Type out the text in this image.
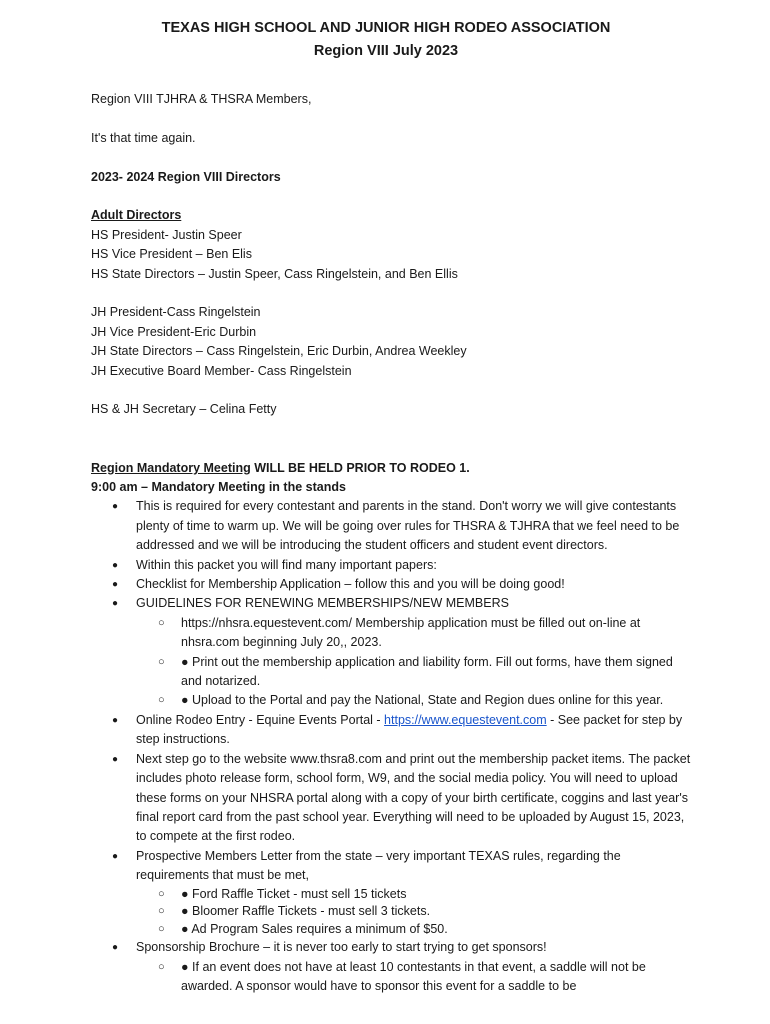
TEXAS HIGH SCHOOL AND JUNIOR HIGH RODEO ASSOCIATION
Region VIII July 2023

Region VIII TJHRA & THSRA Members,

It's that time again.

2023- 2024 Region VIII Directors

Adult Directors

HS President- Justin Speer

HS Vice President – Ben Elis

HS State Directors – Justin Speer, Cass Ringelstein, and Ben Ellis

JH President-Cass Ringelstein

JH Vice President-Eric Durbin

JH State Directors – Cass Ringelstein, Eric Durbin, Andrea Weekley

JH Executive Board Member- Cass Ringelstein

HS & JH Secretary – Celina Fetty

Region Mandatory Meeting WILL BE HELD PRIOR TO RODEO 1.

9:00 am – Mandatory Meeting in the stands

● This is required for every contestant and parents in the stand. Don't worry we will give contestants plenty of time to warm up. We will be going over rules for THSRA & TJHRA that we feel need to be addressed and we will be introducing the student officers and student event directors.
● Within this packet you will find many important papers:
● Checklist for Membership Application – follow this and you will be doing good!
● GUIDELINES FOR RENEWING MEMBERSHIPS/NEW MEMBERS
○ https://nhsra.equestevent.com/ Membership application must be filled out on-line at nhsra.com beginning July 20,, 2023.
○ ● Print out the membership application and liability form. Fill out forms, have them signed and notarized.
○ ● Upload to the Portal and pay the National, State and Region dues online for this year.
● Online Rodeo Entry - Equine Events Portal - https://www.equestevent.com - See packet for step by step instructions.
● Next step go to the website www.thsra8.com and print out the membership packet items. The packet includes photo release form, school form, W9, and the social media policy. You will need to upload these forms on your NHSRA portal along with a copy of your birth certificate, coggins and last year's final report card from the past school year. Everything will need to be uploaded by August 15, 2023, to compete at the first rodeo.
● Prospective Members Letter from the state – very important TEXAS rules, regarding the requirements that must be met,
○ ● Ford Raffle Ticket - must sell 15 tickets
○ ● Bloomer Raffle Tickets - must sell 3 tickets.
○ ● Ad Program Sales requires a minimum of $50.
● Sponsorship Brochure – it is never too early to start trying to get sponsors!
○ ● If an event does not have at least 10 contestants in that event, a saddle will not be awarded. A sponsor would have to sponsor this event for a saddle to be
